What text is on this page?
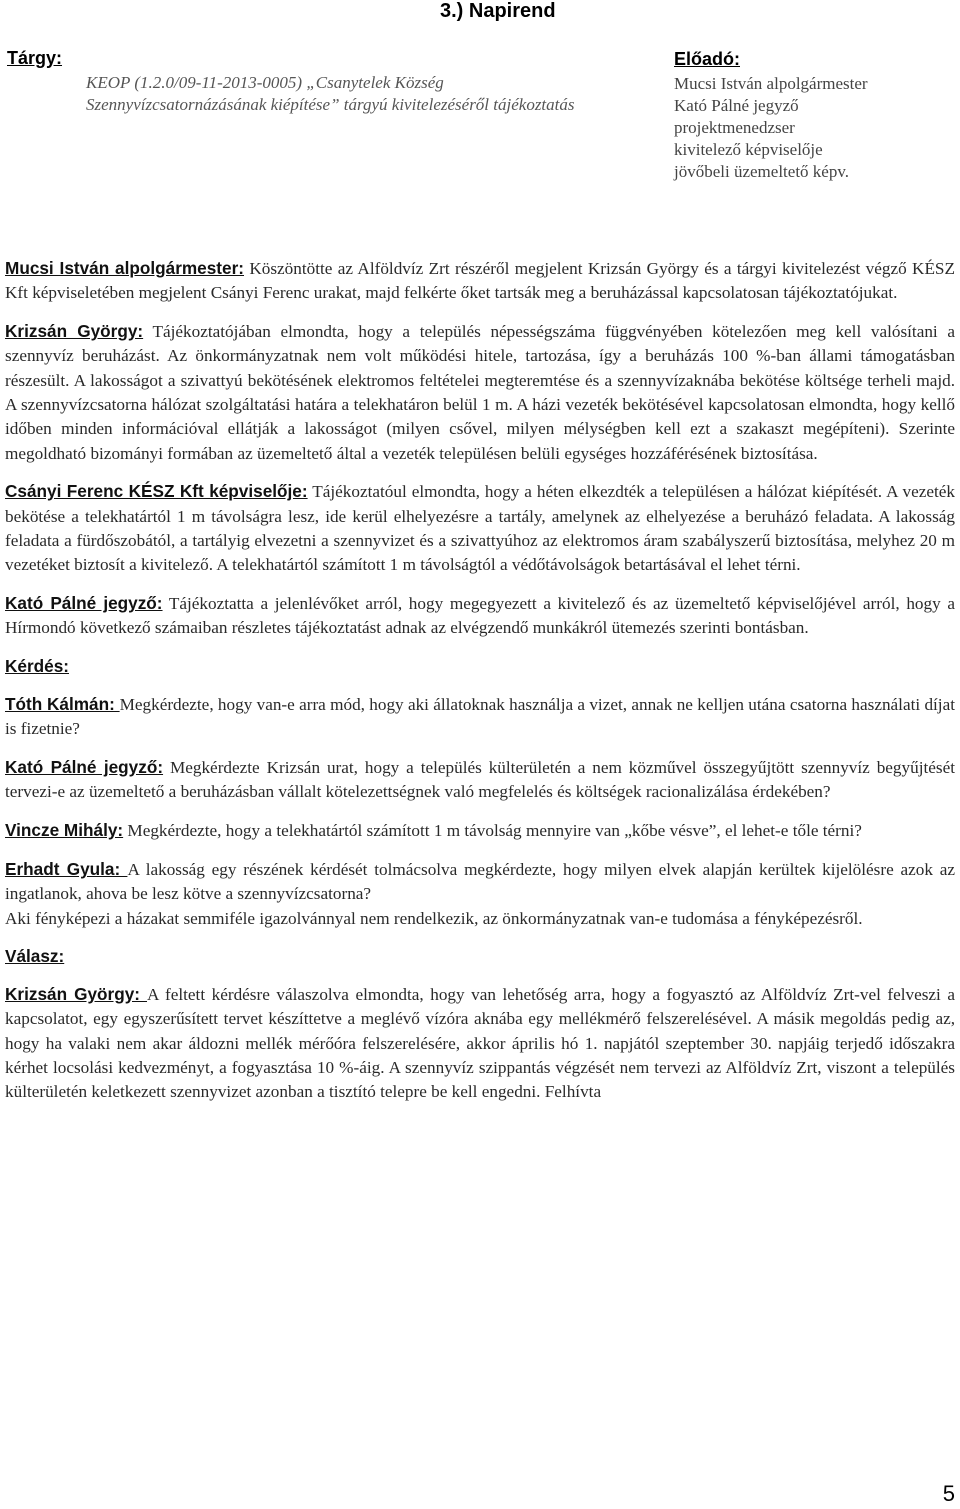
3.) Napirend
Tárgy:
KEOP (1.2.0/09-11-2013-0005) „Csanytelek Község
Szennyvízcsatornázásának kiépítése” tárgyú kivitelezéséről tájékoztatás
Előadó:
Mucsi István alpolgármester
Kató Pálné jegyző
projektmenedzser
kivitelező képviselője
jövőbeli üzemeltető képv.

Mucsi István alpolgármester: Köszöntötte az Alföldvíz Zrt részéről megjelent Krizsán György és a tárgyi kivitelezést végző KÉSZ Kft képviseletében megjelent Csányi Ferenc urakat, majd felkérte őket tartsák meg a beruházással kapcsolatosan tájékoztatójukat.

Krizsán György: Tájékoztatójában elmondta, hogy a település népességszáma függvényében kötelezően meg kell valósítani a szennyvíz beruházást. Az önkormányzatnak nem volt működési hitele, tartozása, így a beruházás 100 %-ban állami támogatásban részesült. A lakosságot a szivattyú bekötésének elektromos feltételei megteremtése és a szennyvízaknába bekötése költsége terheli majd. A szennyvízcsatorna hálózat szolgáltatási határa a telekhatáron belül 1 m. A házi vezeték bekötésével kapcsolatosan elmondta, hogy kellő időben minden információval ellátják a lakosságot (milyen csővel, milyen mélységben kell ezt a szakaszt megépíteni). Szerinte megoldható bizományi formában az üzemeltető által a vezeték településen belüli egységes hozzáférésének biztosítása.

Csányi Ferenc KÉSZ Kft képviselője: Tájékoztatóul elmondta, hogy a héten elkezdték a településen a hálózat kiépítését. A vezeték bekötése a telekhatártól 1 m távolságra lesz, ide kerül elhelyezésre a tartály, amelynek az elhelyezése a beruházó feladata. A lakosság feladata a fürdőszobától, a tartályig elvezetni a szennyvizet és a szivattyúhoz az elektromos áram szabályszerű biztosítása, melyhez 20 m vezetéket biztosít a kivitelező. A telekhatártól számított 1 m távolságtól a védőtávolságok betartásával el lehet térni.

Kató Pálné jegyző: Tájékoztatta a jelenlévőket arról, hogy megegyezett a kivitelező és az üzemeltető képviselőjével arról, hogy a Hírmondó következő számaiban részletes tájékoztatást adnak az elvégzendő munkákról ütemezés szerinti bontásban.

Kérdés:

Tóth Kálmán: Megkérdezte, hogy van-e arra mód, hogy aki állatoknak használja a vizet, annak ne kelljen utána csatorna használati díjat is fizetnie?

Kató Pálné jegyző: Megkérdezte Krizsán urat, hogy a település külterületén a nem közművel összegyűjtött szennyvíz begyűjtését tervezi-e az üzemeltető a beruházásban vállalt kötelezettségnek való megfelelés és költségek racionalizálása érdekében?

Vincze Mihály: Megkérdezte, hogy a telekhatártól számított 1 m távolság mennyire van „kőbe vésve”, el lehet-e tőle térni?

Erhadt Gyula: A lakosság egy részének kérdését tolmácsolva megkérdezte, hogy milyen elvek alapján kerültek kijelölésre azok az ingatlanok, ahova be lesz kötve a szennyvízcsatorna?

Aki fényképezi a házakat semmiféle igazolvánnyal nem rendelkezik, az önkormányzatnak van-e tudomása a fényképezésről.

Válasz:

Krizsán György: A feltett kérdésre válaszolva elmondta, hogy van lehetőség arra, hogy a fogyasztó az Alföldvíz Zrt-vel felveszi a kapcsolatot, egy egyszerűsített tervet készíttetve a meglévő vízóra aknába egy mellékmérő felszerelésével. A másik megoldás pedig az, hogy ha valaki nem akar áldozni mellék mérőóra felszerelésére, akkor április hó 1. napjától szeptember 30. napjáig terjedő időszakra kérhet locsolási kedvezményt, a fogyasztása 10 %-áig. A szennyvíz szippantás végzését nem tervezi az Alföldvíz Zrt, viszont a település külterületén keletkezett szennyvizet azonban a tisztító telepre be kell engedni. Felhívta

5
